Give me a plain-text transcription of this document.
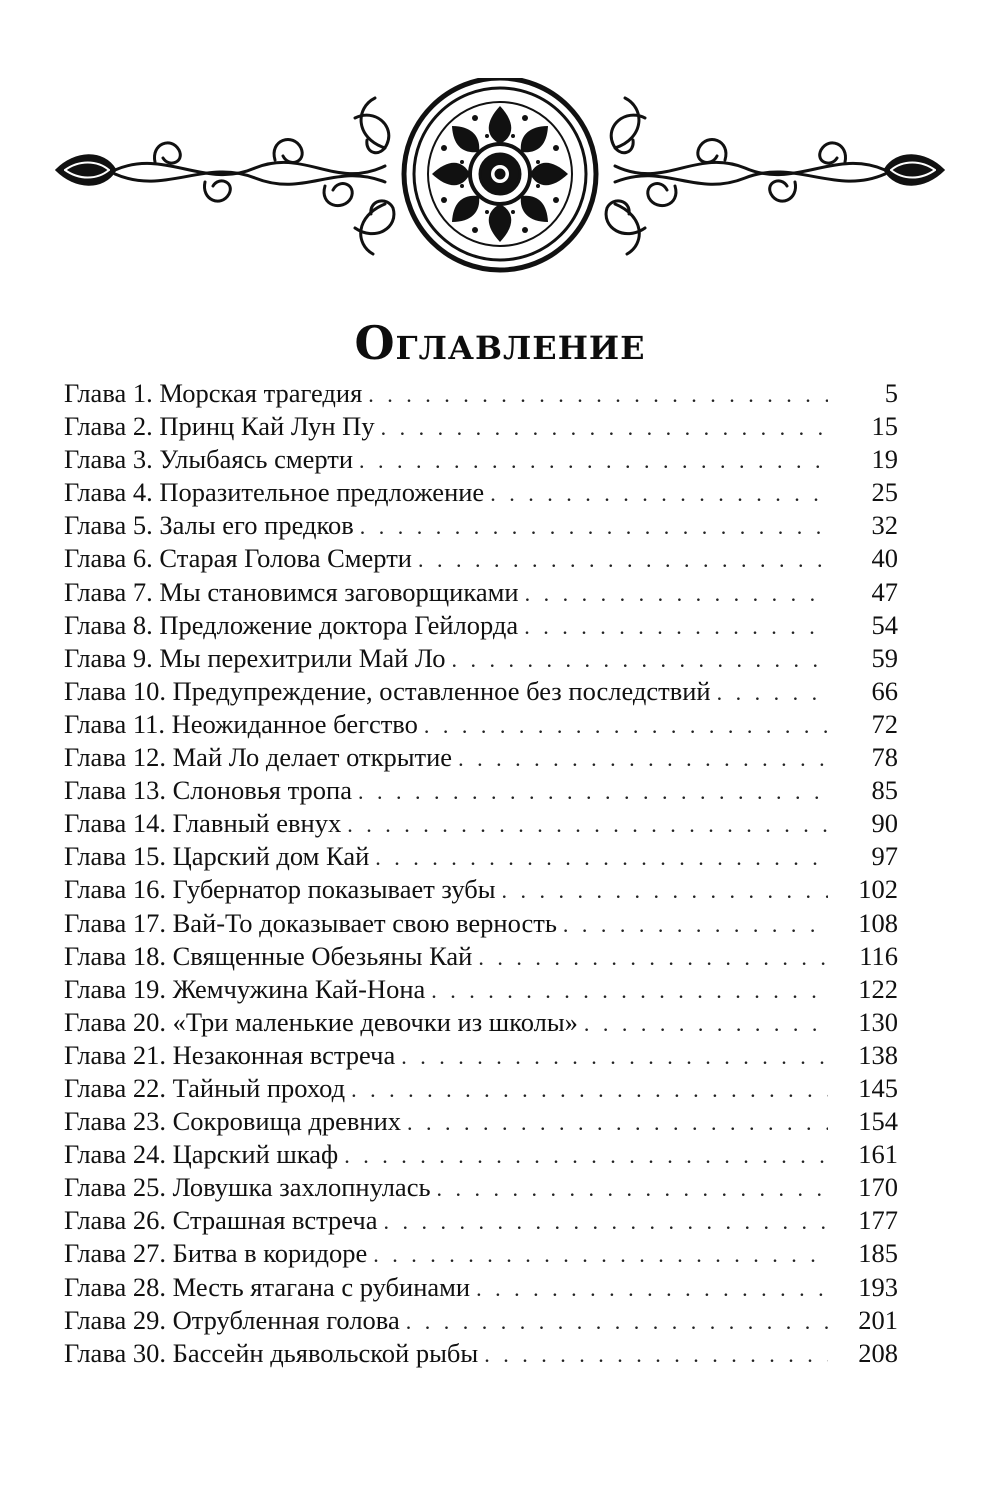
Оглавление
Глава 1. Морская трагедия . . .	5
Глава 2. Принц Кай Лун Пу . . .	15
Глава 3. Улыбаясь смерти . . .	19
Глава 4. Поразительное предложение . . .	25
Глава 5. Залы его предков . . .	32
Глава 6. Старая Голова Смерти . . .	40
Глава 7. Мы становимся заговорщиками . . .	47
Глава 8. Предложение доктора Гейлорда . . .	54
Глава 9. Мы перехитрили Май Ло . . .	59
Глава 10. Предупреждение, оставленное без последствий . . .	66
Глава 11. Неожиданное бегство . . .	72
Глава 12. Май Ло делает открытие . . .	78
Глава 13. Слоновья тропа . . .	85
Глава 14. Главный евнух . . .	90
Глава 15. Царский дом Кай . . .	97
Глава 16. Губернатор показывает зубы . . .	102
Глава 17. Вай-То доказывает свою верность . . .	108
Глава 18. Священные Обезьяны Кай . . .	116
Глава 19. Жемчужина Кай-Нона . . .	122
Глава 20. «Три маленькие девочки из школы» . . .	130
Глава 21. Незаконная встреча . . .	138
Глава 22. Тайный проход . . .	145
Глава 23. Сокровища древних . . .	154
Глава 24. Царский шкаф . . .	161
Глава 25. Ловушка захлопнулась . . .	170
Глава 26. Страшная встреча . . .	177
Глава 27. Битва в коридоре . . .	185
Глава 28. Месть ятагана с рубинами . . .	193
Глава 29. Отрубленная голова . . .	201
Глава 30. Бассейн дьявольской рыбы . . .	208
